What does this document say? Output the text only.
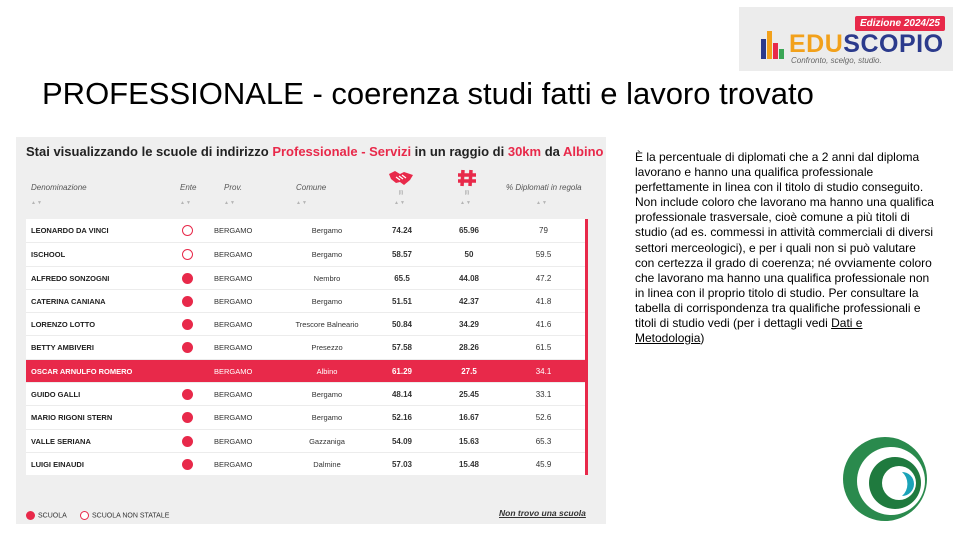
Edizione 2024/25
EDUSCOPIO
Confronto, scelgo, studio.
PROFESSIONALE - coerenza studi fatti e lavoro trovato
Stai visualizzando le scuole di indirizzo Professionale - Servizi in un raggio di 30km da Albino
Denominazione	Ente	Prov.	Comune
(i)	(i)
% Diplomati in regola
▲▼	▲▼	▲▼	▲▼	▲▼	▲▼	▲▼
LEONARDO DA VINCI	BERGAMO	Bergamo	74.24	65.96	79
ISCHOOL	BERGAMO	Bergamo	58.57	50	59.5
ALFREDO SONZOGNI	BERGAMO	Nembro	65.5	44.08	47.2
CATERINA CANIANA	BERGAMO	Bergamo	51.51	42.37	41.8
LORENZO LOTTO	BERGAMO	Trescore Balneario	50.84	34.29	41.6
BETTY AMBIVERI	BERGAMO	Presezzo	57.58	28.26	61.5
OSCAR ARNULFO ROMERO	BERGAMO	Albino	61.29	27.5	34.1
GUIDO GALLI	BERGAMO	Bergamo	48.14	25.45	33.1
MARIO RIGONI STERN	BERGAMO	Bergamo	52.16	16.67	52.6
VALLE SERIANA	BERGAMO	Gazzaniga	54.09	15.63	65.3
LUIGI EINAUDI	BERGAMO	Dalmine	57.03	15.48	45.9
SCUOLA	SCUOLA NON STATALE	Non trovo una scuola
È la percentuale di diplomati che a 2 anni dal diploma lavorano e hanno una qualifica professionale perfettamente in linea con il titolo di studio conseguito. Non include coloro che lavorano ma hanno una qualifica professionale trasversale, cioè comune a più titoli di studio (ad es. commessi in attività commerciali di diversi settori merceologici), e per i quali non si può valutare con certezza il grado di coerenza; né ovviamente coloro che lavorano ma hanno una qualifica professionale non in linea con il proprio titolo di studio. Per consultare la tabella di corrispondenza tra qualifiche professionali e titoli di studio vedi (per i dettagli vedi Dati e Metodologia)
